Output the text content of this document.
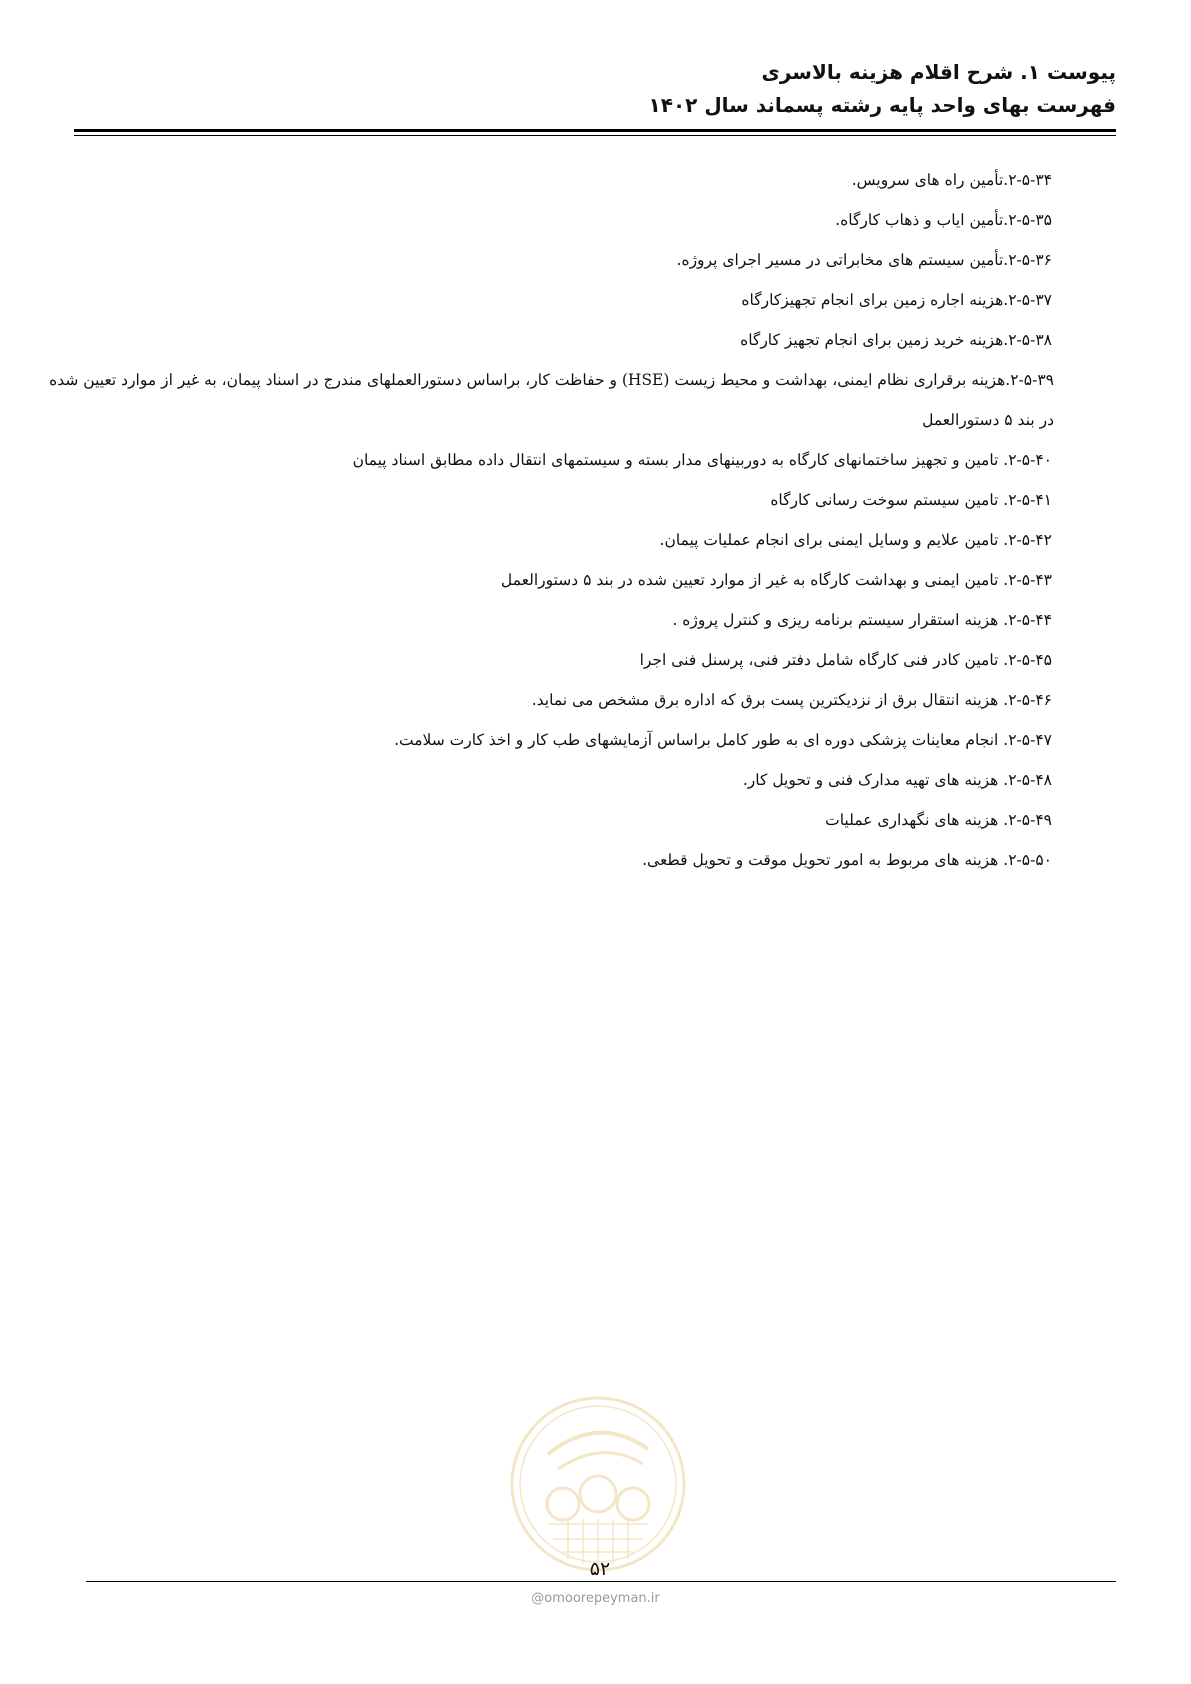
پیوست ۱. شرح اقلام هزینه بالاسری
فهرست بهای واحد پایه رشته پسماند سال ۱۴۰۲
۲-۵-۳۴.تأمین راه های سرویس.
۲-۵-۳۵.تأمین ایاب و ذهاب کارگاه.
۲-۵-۳۶.تأمین سیستم های مخابراتی در مسیر اجرای پروژه.
۲-۵-۳۷.هزینه اجاره زمین برای انجام تجهیزکارگاه
۲-۵-۳۸.هزینه خرید زمین برای انجام تجهیز کارگاه
۲-۵-۳۹.هزینه برقراری نظام ایمنی، بهداشت و محیط زیست (HSE) و حفاظت کار، براساس دستورالعملهای مندرج در اسناد پیمان، به غیر از موارد تعیین شده در بند ۵ دستورالعمل
۲-۵-۴۰. تامین و تجهیز ساختمانهای کارگاه به دوربینهای مدار بسته و سیستمهای انتقال داده مطابق اسناد پیمان
۲-۵-۴۱. تامین سیستم سوخت رسانی کارگاه
۲-۵-۴۲. تامین علایم و وسایل ایمنی برای انجام عملیات پیمان.
۲-۵-۴۳. تامین ایمنی و بهداشت کارگاه به غیر از موارد تعیین شده در بند ۵ دستورالعمل
۲-۵-۴۴. هزینه استقرار سیستم برنامه ریزی و کنترل پروژه .
۲-۵-۴۵. تامین کادر فنی کارگاه شامل دفتر فنی، پرسنل فنی اجرا
۲-۵-۴۶. هزینه انتقال برق از نزدیکترین پست برق که اداره برق مشخص می نماید.
۲-۵-۴۷. انجام معاینات پزشکی دوره ای به طور کامل براساس آزمایشهای طب کار و اخذ کارت سلامت.
۲-۵-۴۸. هزینه های تهیه مدارک فنی و تحویل کار.
۲-۵-۴۹. هزینه های نگهداری عملیات
۲-۵-۵۰. هزینه های مربوط به امور تحویل موقت و تحویل قطعی.
۵۲
@omoorepeyman.ir
